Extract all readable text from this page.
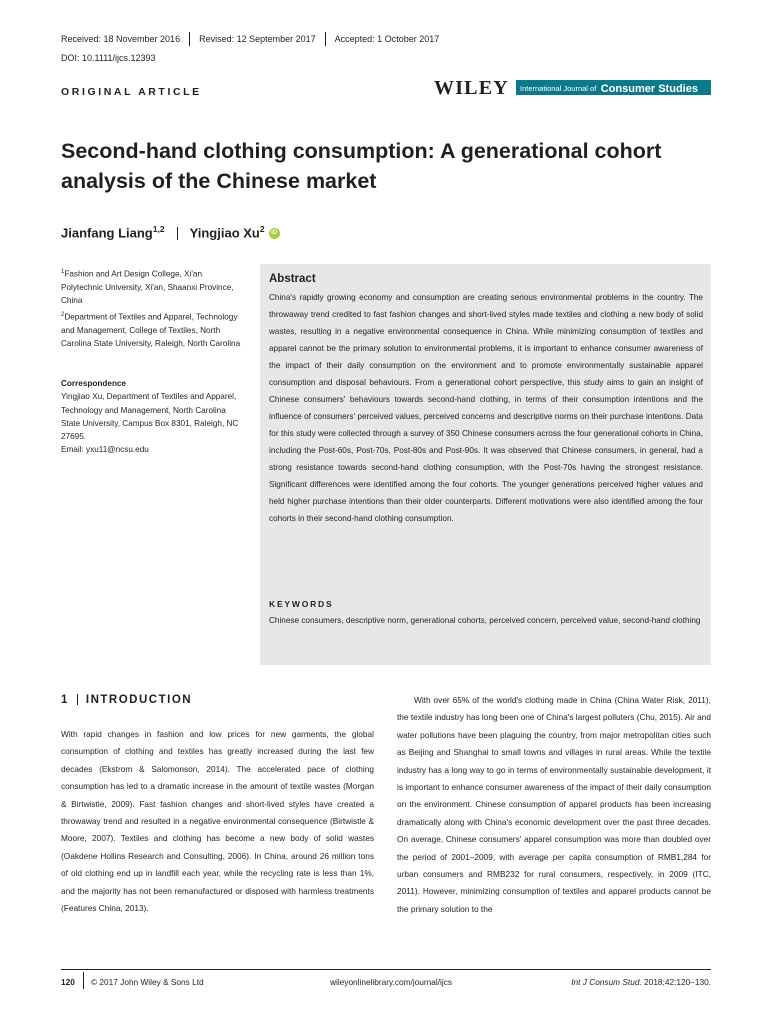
Received: 18 November 2016 Revised: 12 September 2017 Accepted: 1 October 2017
DOI: 10.1111/ijcs.12393
ORIGINAL ARTICLE	WILEY	International Journal of Consumer Studies
Second-hand clothing consumption: A generational cohort
analysis of the Chinese market
Jianfang Liang$^{1,2}$ Yingjiao Xu$^2$ iD
$^1$Fashion and Art Design College, Xi'an Polytechnic University, Xi'an, Shaanxi Province, China
$^2$Department of Textiles and Apparel, Technology and Management, College of Textiles, North Carolina State University, Raleigh, North Carolina
Correspondence
Yingjiao Xu, Department of Textiles and Apparel, Technology and Management, North Carolina State University, Campus Box 8301, Raleigh, NC 27695.
Email: yxu11@ncsu.edu
Abstract
China's rapidly growing economy and consumption are creating serious environmental problems in the country. The throwaway trend credited to fast fashion changes and short-lived styles made textiles and clothing a new body of solid wastes, resulting in a negative environmental consequence in China. While minimizing consumption of textiles and apparel cannot be the primary solution to environmental problems, it is important to enhance consumer awareness of the impact of their daily consumption on the environment and to promote environmentally sustainable apparel consumption and disposal behaviours. From a generational cohort perspective, this study aims to gain an insight of Chinese consumers' behaviours towards second-hand clothing, in terms of their consumption intentions and the influence of consumers' perceived values, perceived concerns and descriptive norms on their purchase intentions. Data for this study were collected through a survey of 350 Chinese consumers across the four generational cohorts in China, including the Post-60s, Post-70s, Post-80s and Post-90s. It was observed that Chinese consumers, in general, had a strong resistance towards second-hand clothing consumption, with the Post-70s having the strongest resistance. Significant differences were identified among the four cohorts. The younger generations perceived higher values and held higher purchase intentions than their older counterparts. Different motivations were also identified among the four cohorts in their second-hand clothing consumption.
KEYWORDS
Chinese consumers, descriptive norm, generational cohorts, perceived concern, perceived value, second-hand clothing
1 INTRODUCTION
With rapid changes in fashion and low prices for new garments, the global consumption of clothing and textiles has greatly increased during the last few decades (Ekstrom & Salomonson, 2014). The accelerated pace of clothing consumption has led to a dramatic increase in the amount of textile wastes (Morgan & Birtwistle, 2009). Fast fashion changes and short-lived styles have created a throwaway trend and resulted in a negative environmental consequence (Birtwistle & Moore, 2007). Textiles and clothing has become a new body of solid wastes (Oakdene Hollins Research and Consulting, 2006). In China, around 26 million tons of old clothing end up in landfill each year, while the recycling rate is less than 1%, and the majority has not been remanufactured or disposed with harmless treatments (Features China, 2013).
With over 65% of the world's clothing made in China (China Water Risk, 2011), the textile industry has long been one of China's largest polluters (Chu, 2015). Air and water pollutions have been plaguing the country, from major metropolitan cities such as Beijing and Shanghai to small towns and villages in rural areas. While the textile industry has a long way to go in terms of environmentally sustainable development, it is important to enhance consumer awareness of the impact of their daily consumption on the environment. Chinese consumption of apparel products has been increasing dramatically along with China's economic development over the past three decades. On average, Chinese consumers' apparel consumption was more than doubled over the period of 2001–2009, with average per capita consumption of RMB1,284 for urban consumers and RMB232 for rural consumers, respectively, in 2009 (ITC, 2011). However, minimizing consumption of textiles and apparel products cannot be the primary solution to the
120 © 2017 John Wiley & Sons Ltd	wileyonlinelibrary.com/journal/ijcs	Int J Consum Stud. 2018;42:120–130.
